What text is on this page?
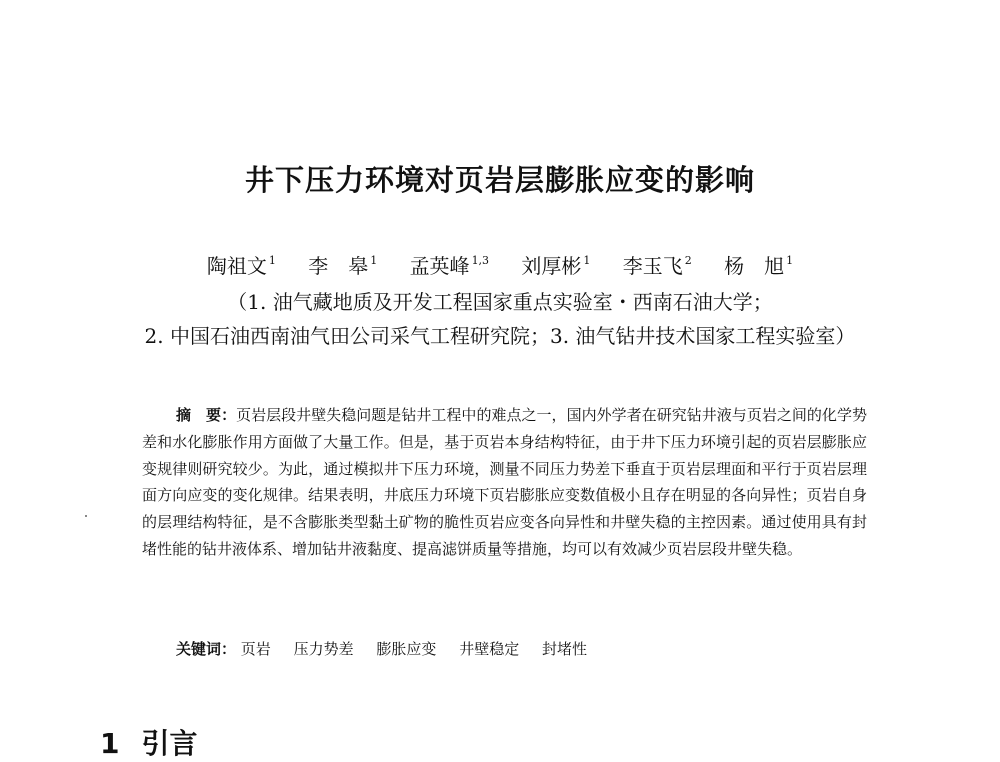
井下压力环境对页岩层膨胀应变的影响

陶祖文 $^1$ 李　皋 $^1$ 孟英峰 $^{1,3}$ 刘厚彬 $^1$ 李玉飞 $^2$ 杨　旭 $^1$

（1. 油气藏地质及开发工程国家重点实验室・西南石油大学；

2. 中国石油西南油气田公司采气工程研究院；3. 油气钻井技术国家工程实验室）

摘　要：页岩层段井壁失稳问题是钻井工程中的难点之一，国内外学者在研究钻井液与页岩之间的化学势差和水化膨胀作用方面做了大量工作。但是，基于页岩本身结构特征，由于井下压力环境引起的页岩层膨胀应变规律则研究较少。为此，通过模拟井下压力环境，测量不同压力势差下垂直于页岩层理面和平行于页岩层理面方向应变的变化规律。结果表明，井底压力环境下页岩膨胀应变数值极小且存在明显的各向异性；页岩自身的层理结构特征，是不含膨胀类型黏土矿物的脆性页岩应变各向异性和井壁失稳的主控因素。通过使用具有封堵性能的钻井液体系、增加钻井液黏度、提高滤饼质量等措施，均可以有效减少页岩层段井壁失稳。

关键词： 页岩 压力势差 膨胀应变 井壁稳定 封堵性

1 引言
